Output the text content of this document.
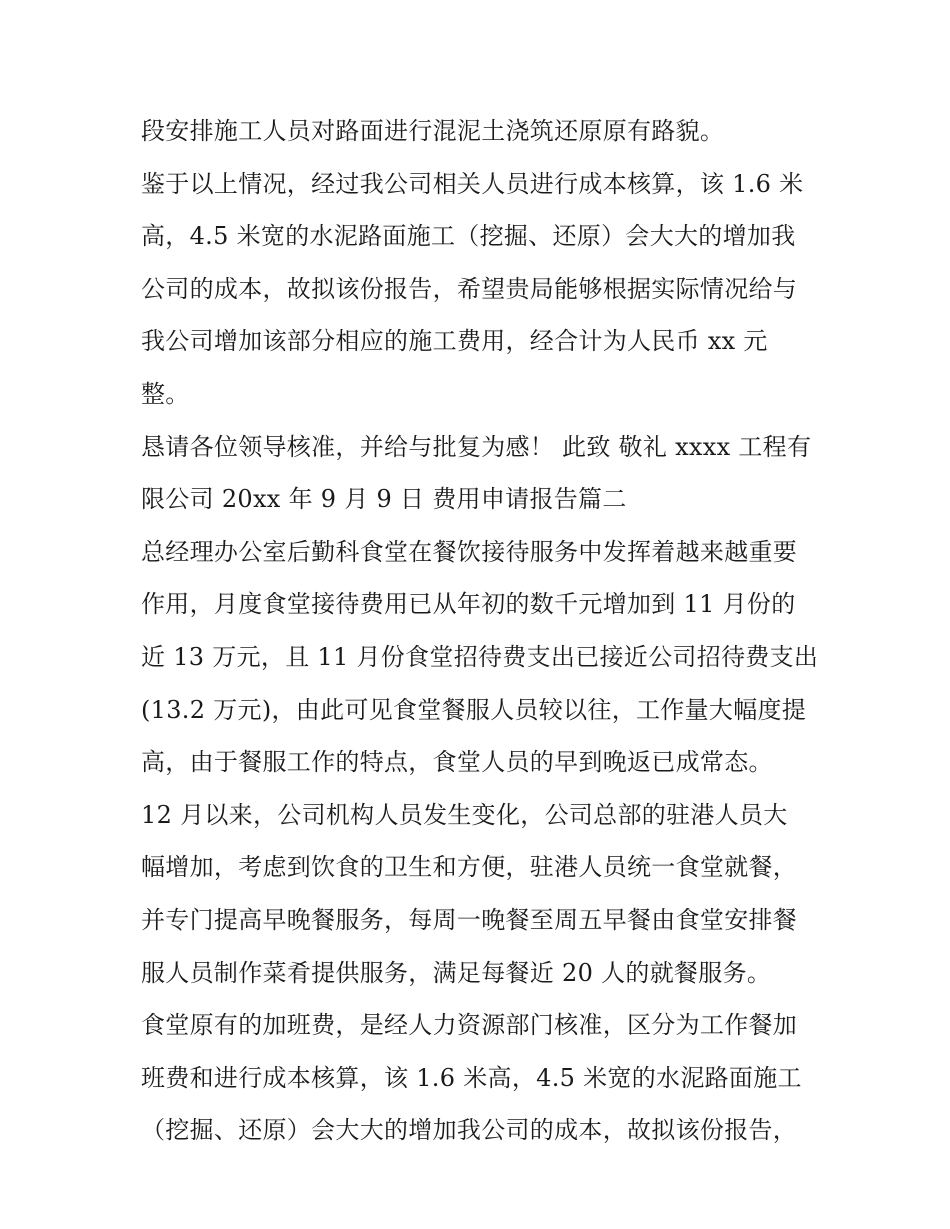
段安排施工人员对路面进行混泥土浇筑还原原有路貌。
鉴于以上情况，经过我公司相关人员进行成本核算，该 1.6 米
高，4.5 米宽的水泥路面施工（挖掘、还原）会大大的增加我
公司的成本，故拟该份报告，希望贵局能够根据实际情况给与
我公司增加该部分相应的施工费用，经合计为人民币 xx 元
整。
恳请各位领导核准，并给与批复为感！ 此致 敬礼 xxxx 工程有
限公司 20xx 年 9 月 9 日 费用申请报告篇二
总经理办公室后勤科食堂在餐饮接待服务中发挥着越来越重要
作用，月度食堂接待费用已从年初的数千元增加到 11 月份的
近 13 万元，且 11 月份食堂招待费支出已接近公司招待费支出
(13.2 万元)，由此可见食堂餐服人员较以往，工作量大幅度提
高，由于餐服工作的特点，食堂人员的早到晚返已成常态。
12 月以来，公司机构人员发生变化，公司总部的驻港人员大
幅增加，考虑到饮食的卫生和方便，驻港人员统一食堂就餐，
并专门提高早晚餐服务，每周一晚餐至周五早餐由食堂安排餐
服人员制作菜肴提供服务，满足每餐近 20 人的就餐服务。
食堂原有的加班费，是经人力资源部门核准，区分为工作餐加
班费和进行成本核算，该 1.6 米高，4.5 米宽的水泥路面施工
（挖掘、还原）会大大的增加我公司的成本，故拟该份报告，
